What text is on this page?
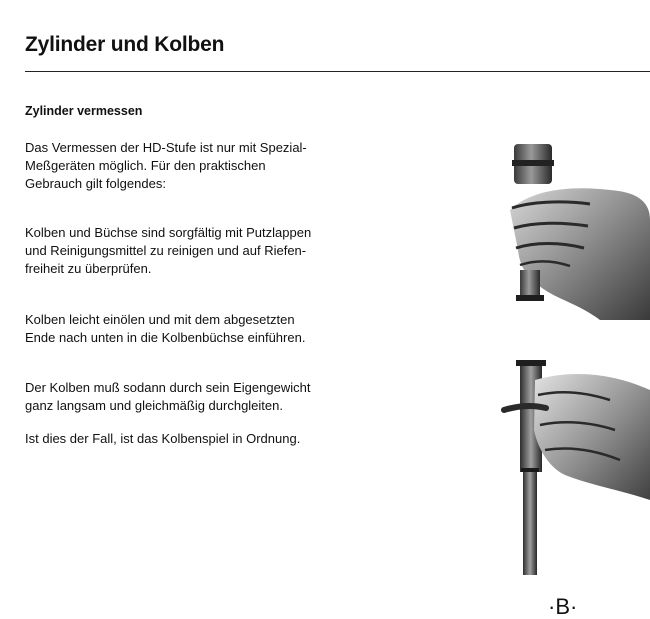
Zylinder und Kolben
Zylinder vermessen
Das Vermessen der HD-Stufe ist nur mit Spezial-
Meßgeräten möglich. Für den praktischen
Gebrauch gilt folgendes:
Kolben und Büchse sind sorgfältig mit Putzlappen
und Reinigungsmittel zu reinigen und auf Riefen-
freiheit zu überprüfen.
Kolben leicht einölen und mit dem abgesetzten
Ende nach unten in die Kolbenbüchse einführen.
Der Kolben muß sodann durch sein Eigengewicht
ganz langsam und gleichmäßig durchgleiten.
Ist dies der Fall, ist das Kolbenspiel in Ordnung.
·B·
